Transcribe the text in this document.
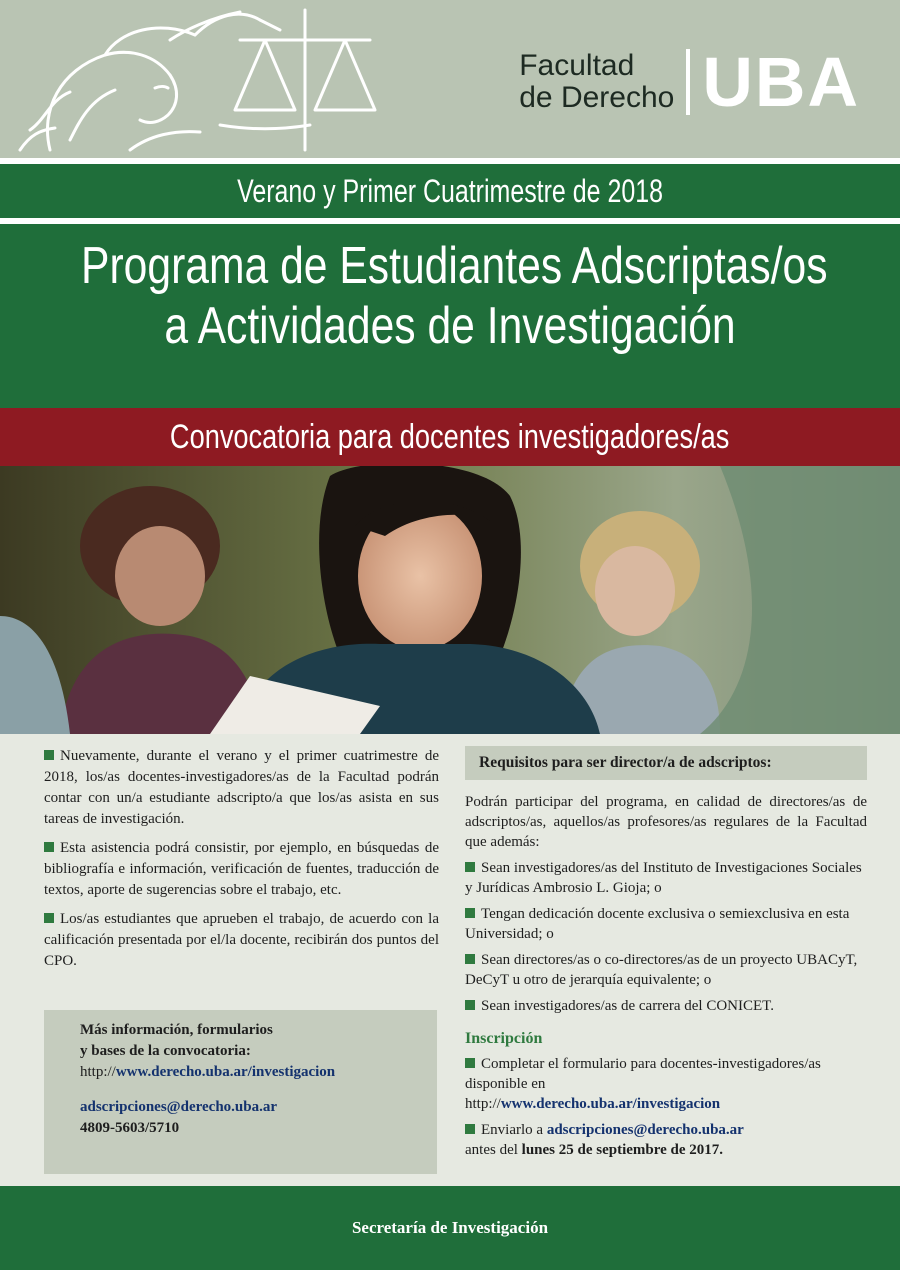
Facultad
de Derecho UBA
Verano y Primer Cuatrimestre de 2018
Programa de Estudiantes Adscriptas/os
a Actividades de Investigación
Convocatoria para docentes investigadores/as

Nuevamente, durante el verano y el primer cuatrimestre de 2018, los/as docentes-investigadores/as de la Facultad podrán contar con un/a estudiante adscripto/a que los/as asista en sus tareas de investigación.

Esta asistencia podrá consistir, por ejemplo, en búsquedas de bibliografía e información, verificación de fuentes, traducción de textos, aporte de sugerencias sobre el trabajo, etc.

Los/as estudiantes que aprueben el trabajo, de acuerdo con la calificación presentada por el/la docente, recibirán dos puntos del CPO.

Más información, formularios
y bases de la convocatoria:
http://www.derecho.uba.ar/investigacion
adscripciones@derecho.uba.ar
4809-5603/5710
Requisitos para ser director/a de adscriptos:

Podrán participar del programa, en calidad de directores/as de adscriptos/as, aquellos/as profesores/as regulares de la Facultad que además:

Sean investigadores/as del Instituto de Investigaciones Sociales y Jurídicas Ambrosio L. Gioja; o

Tengan dedicación docente exclusiva o semiexclusiva en esta Universidad; o

Sean directores/as o co-directores/as de un proyecto UBACyT, DeCyT u otro de jerarquía equivalente; o

Sean investigadores/as de carrera del CONICET.

Inscripción

Completar el formulario para docentes-investigadores/as disponible en
http://www.derecho.uba.ar/investigacion

Enviarlo a adscripciones@derecho.uba.ar
antes del lunes 25 de septiembre de 2017.

Secretaría de Investigación
